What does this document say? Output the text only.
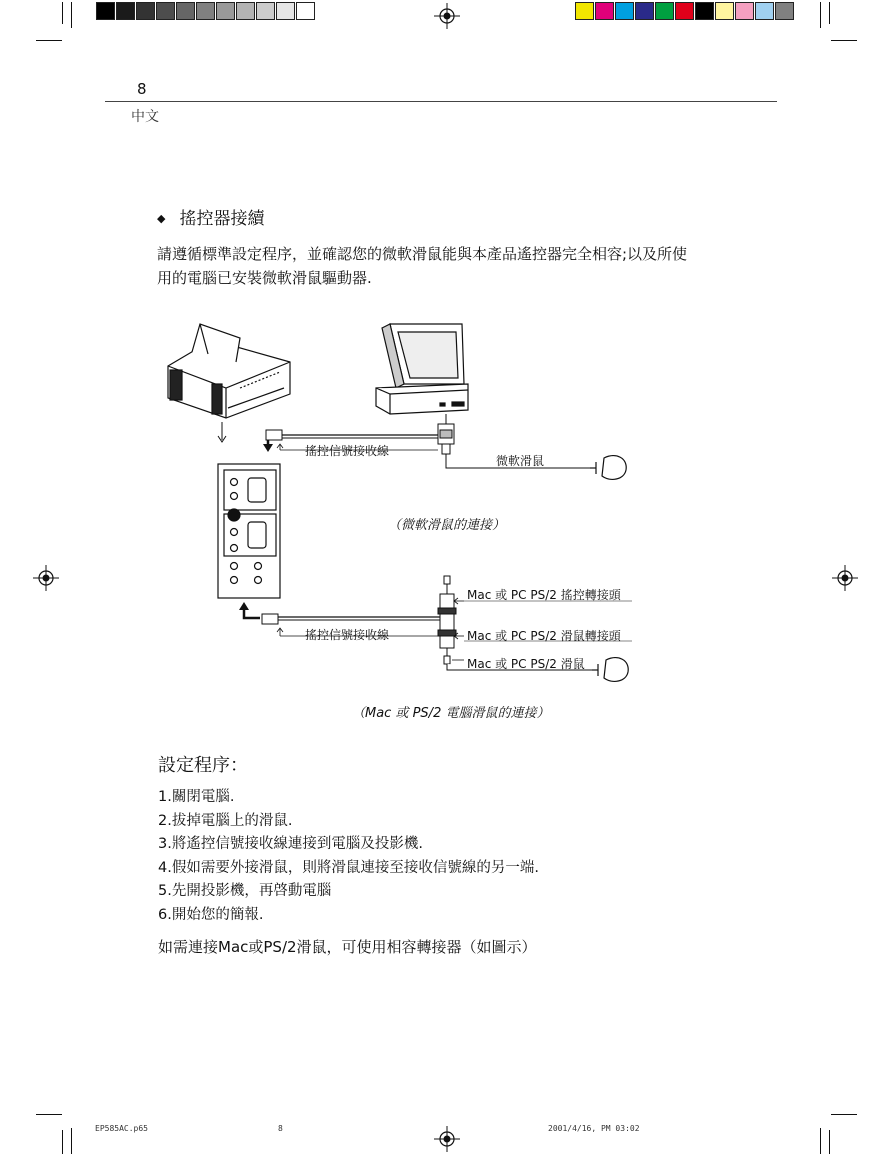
8
中文
◆ 搖控器接續
請遵循標準設定程序，並確認您的微軟滑鼠能與本產品遙控器完全相容;以及所使用的電腦已安裝微軟滑鼠驅動器.
搖控信號接收線
微軟滑鼠
（微軟滑鼠的連接）
Mac 或 PC PS/2 搖控轉接頭
搖控信號接收線	Mac 或 PC PS/2 滑鼠轉接頭
Mac 或 PC PS/2 滑鼠
（Mac 或 PS/2 電腦滑鼠的連接）
設定程序：
1.關閉電腦.
2.拔掉電腦上的滑鼠.
3.將遙控信號接收線連接到電腦及投影機.
4.假如需要外接滑鼠，則將滑鼠連接至接收信號線的另一端.
5.先開投影機，再啓動電腦
6.開始您的簡報.
如需連接Mac或PS/2滑鼠，可使用相容轉接器（如圖示）
EP585AC.p65	8	2001/4/16, PM 03:02
